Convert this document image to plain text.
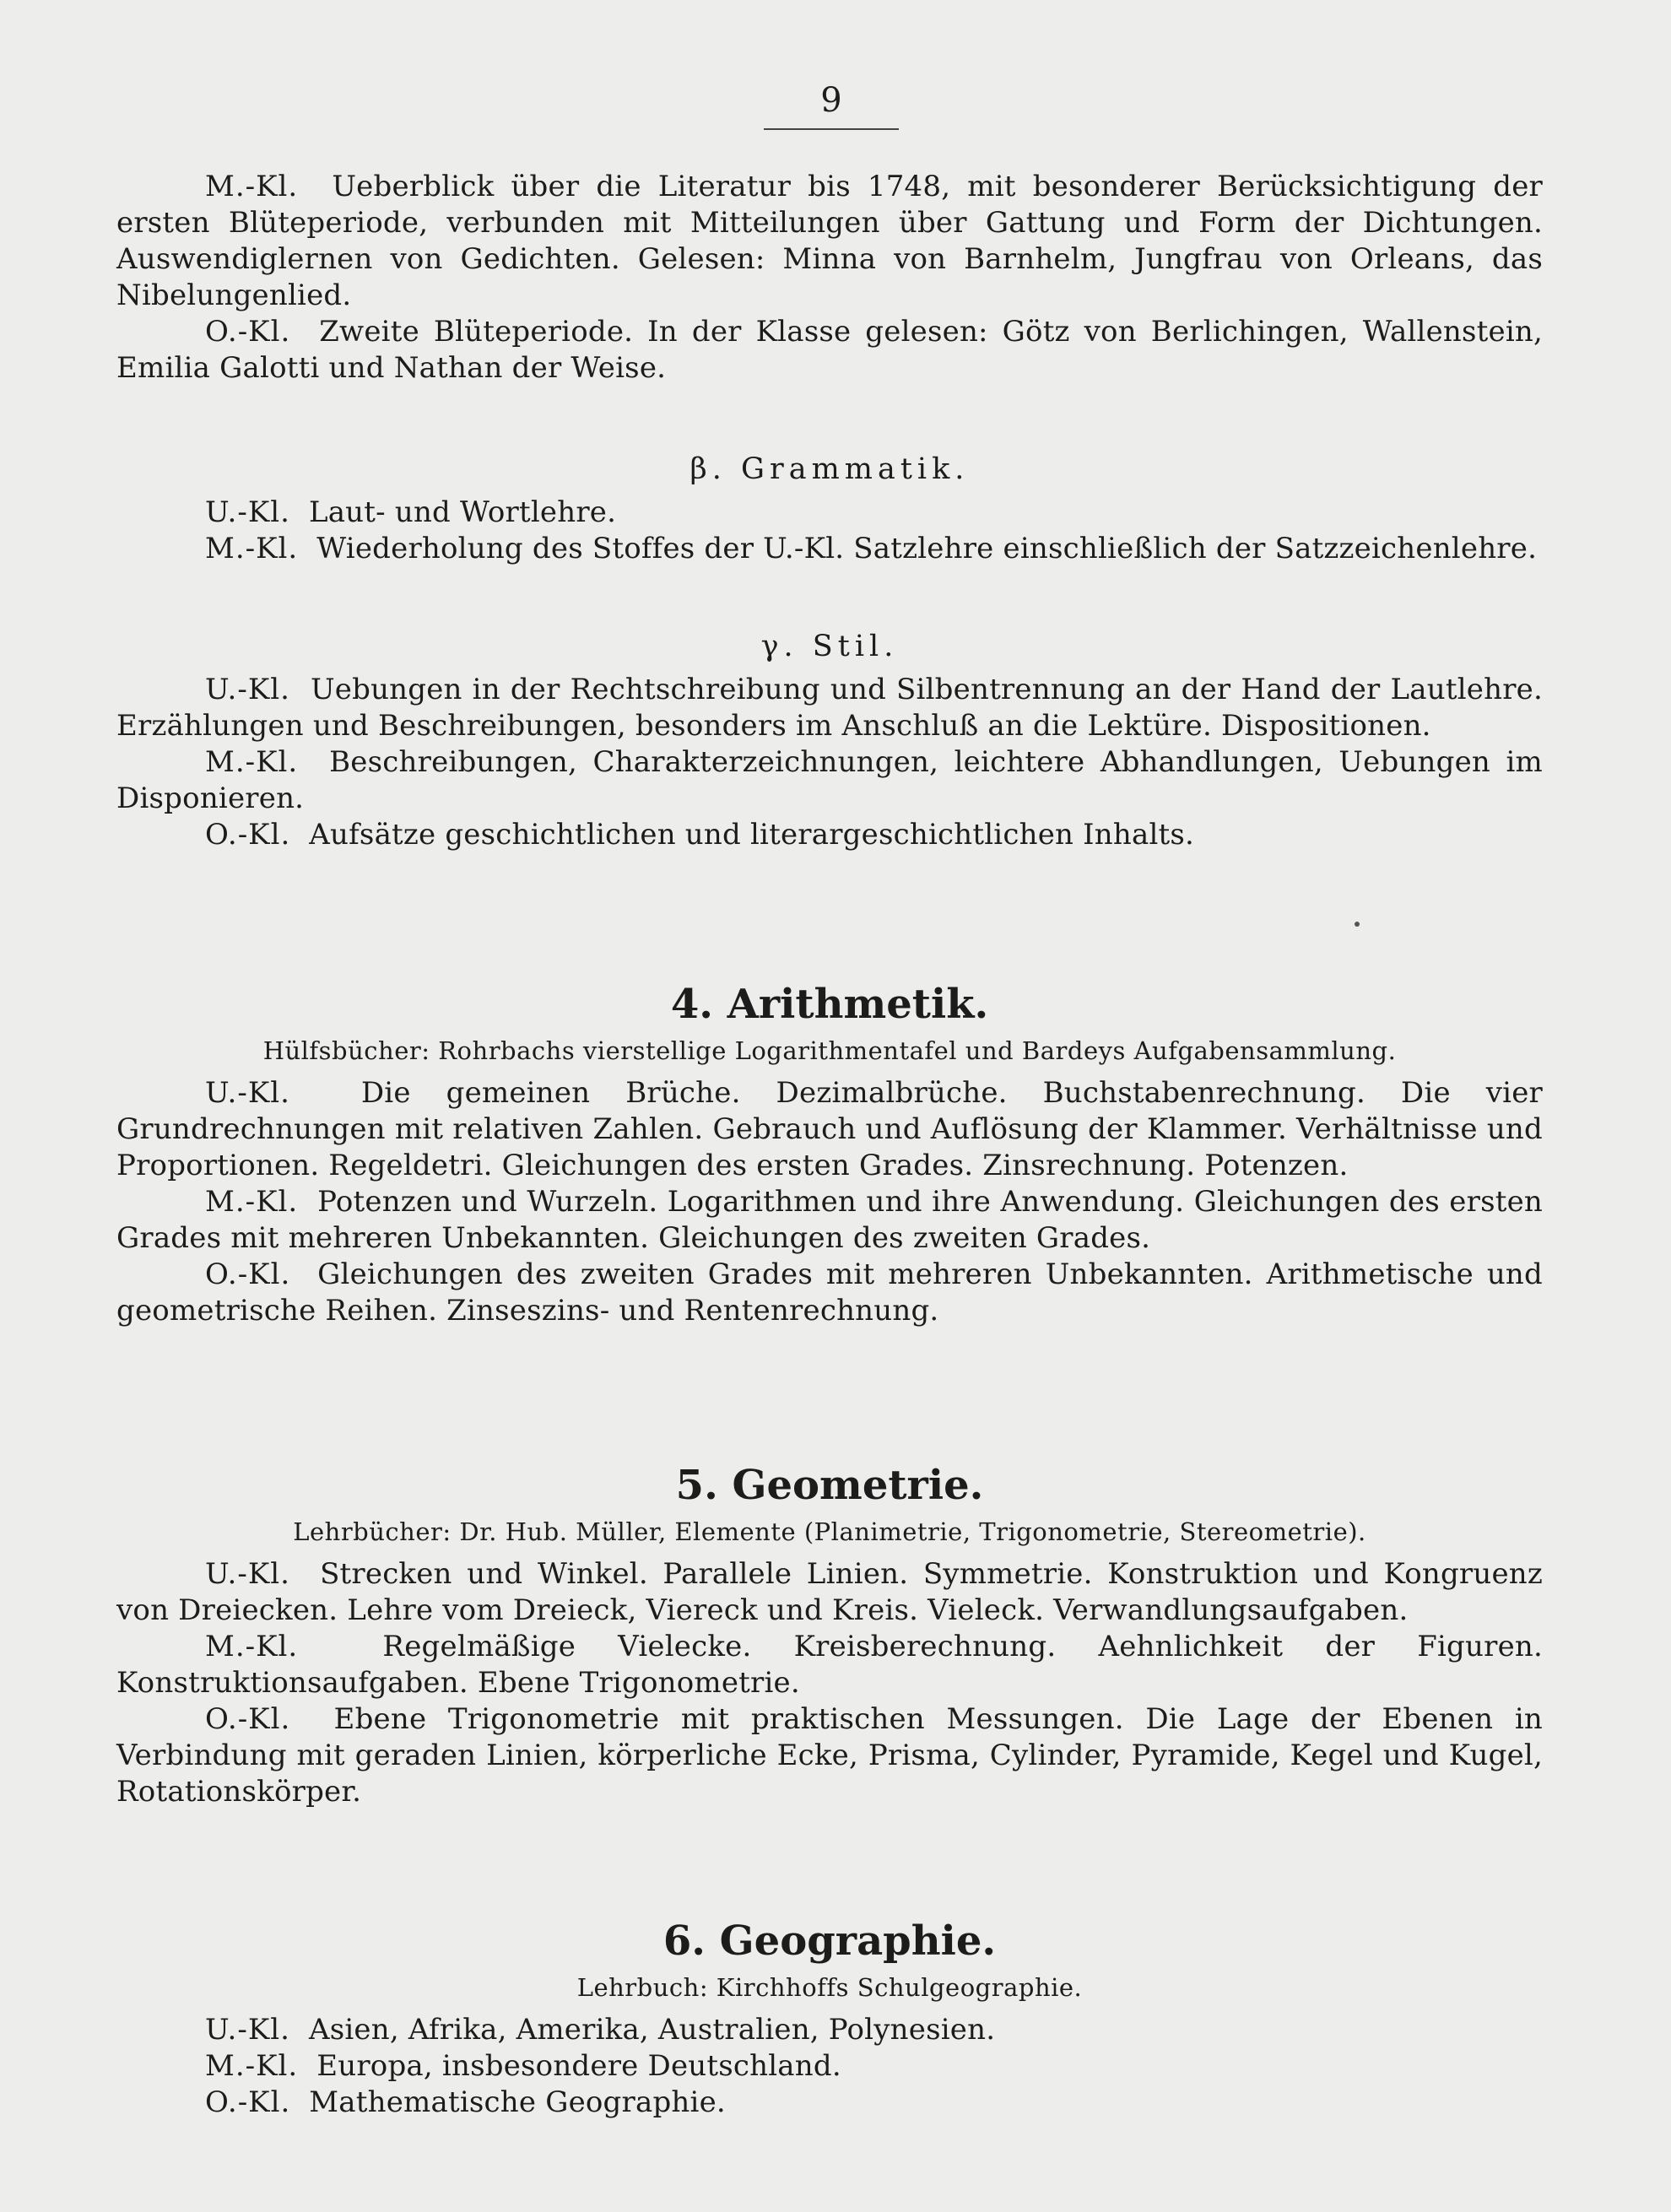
9

M.-Kl. Ueberblick über die Literatur bis 1748, mit besonderer Berücksichtigung der ersten Blüteperiode, verbunden mit Mitteilungen über Gattung und Form der Dichtungen. Auswendiglernen von Gedichten. Gelesen: Minna von Barnhelm, Jungfrau von Orleans, das Nibelungenlied.

O.-Kl. Zweite Blüteperiode. In der Klasse gelesen: Götz von Berlichingen, Wallenstein, Emilia Galotti und Nathan der Weise.

β. Grammatik.

U.-Kl. Laut- und Wortlehre.

M.-Kl. Wiederholung des Stoffes der U.-Kl. Satzlehre einschließlich der Satzzeichenlehre.

γ. Stil.

U.-Kl. Uebungen in der Rechtschreibung und Silbentrennung an der Hand der Lautlehre. Erzählungen und Beschreibungen, besonders im Anschluß an die Lektüre. Dispositionen.

M.-Kl. Beschreibungen, Charakterzeichnungen, leichtere Abhandlungen, Uebungen im Disponieren.

O.-Kl. Aufsätze geschichtlichen und literargeschichtlichen Inhalts.

4. Arithmetik.
Hülfsbücher: Rohrbachs vierstellige Logarithmentafel und Bardeys Aufgabensammlung.

U.-Kl. Die gemeinen Brüche. Dezimalbrüche. Buchstabenrechnung. Die vier Grundrechnungen mit relativen Zahlen. Gebrauch und Auflösung der Klammer. Verhältnisse und Proportionen. Regeldetri. Gleichungen des ersten Grades. Zinsrechnung. Potenzen.

M.-Kl. Potenzen und Wurzeln. Logarithmen und ihre Anwendung. Gleichungen des ersten Grades mit mehreren Unbekannten. Gleichungen des zweiten Grades.

O.-Kl. Gleichungen des zweiten Grades mit mehreren Unbekannten. Arithmetische und geometrische Reihen. Zinseszins- und Rentenrechnung.

5. Geometrie.
Lehrbücher: Dr. Hub. Müller, Elemente (Planimetrie, Trigonometrie, Stereometrie).

U.-Kl. Strecken und Winkel. Parallele Linien. Symmetrie. Konstruktion und Kongruenz von Dreiecken. Lehre vom Dreieck, Viereck und Kreis. Vieleck. Verwandlungsaufgaben.

M.-Kl.	Regelmäßige Vielecke. Kreisberechnung. Aehnlichkeit der Figuren. Konstruktionsaufgaben. Ebene Trigonometrie.

O.-Kl. Ebene Trigonometrie mit praktischen Messungen. Die Lage der Ebenen in Verbindung mit geraden Linien, körperliche Ecke, Prisma, Cylinder, Pyramide, Kegel und Kugel, Rotationskörper.

6. Geographie.
Lehrbuch: Kirchhoffs Schulgeographie.

U.-Kl. Asien, Afrika, Amerika, Australien, Polynesien.

M.-Kl. Europa, insbesondere Deutschland.

O.-Kl. Mathematische Geographie.
